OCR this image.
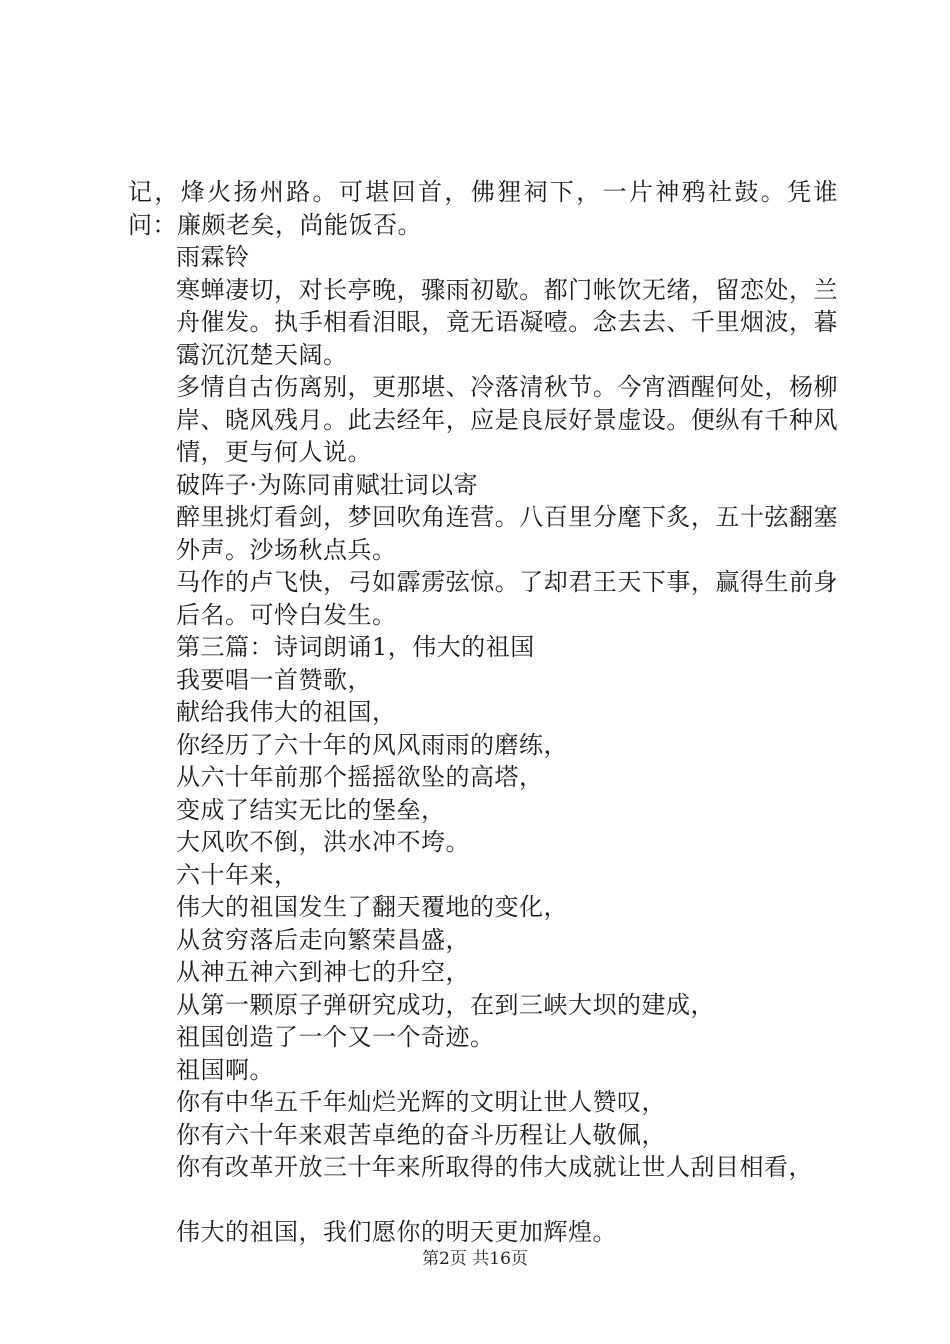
记，烽火扬州路。可堪回首，佛狸祠下，一片神鸦社鼓。凭谁问：廉颇老矣，尚能饭否。

雨霖铃

寒蝉凄切，对长亭晚，骤雨初歇。都门帐饮无绪，留恋处，兰舟催发。执手相看泪眼，竟无语凝噎。念去去、千里烟波，暮霭沉沉楚天阔。

多情自古伤离别，更那堪、冷落清秋节。今宵酒醒何处，杨柳岸、晓风残月。此去经年，应是良辰好景虚设。便纵有千种风情，更与何人说。

破阵子·为陈同甫赋壮词以寄

醉里挑灯看剑，梦回吹角连营。八百里分麾下炙，五十弦翻塞外声。沙场秋点兵。

马作的卢飞快，弓如霹雳弦惊。了却君王天下事，赢得生前身后名。可怜白发生。

第三篇：诗词朗诵1，伟大的祖国

我要唱一首赞歌，

献给我伟大的祖国，

你经历了六十年的风风雨雨的磨练，

从六十年前那个摇摇欲坠的高塔，

变成了结实无比的堡垒，

大风吹不倒，洪水冲不垮。

六十年来，

伟大的祖国发生了翻天覆地的变化，

从贫穷落后走向繁荣昌盛，

从神五神六到神七的升空，

从第一颗原子弹研究成功，在到三峡大坝的建成，

祖国创造了一个又一个奇迹。

祖国啊。

你有中华五千年灿烂光辉的文明让世人赞叹，

你有六十年来艰苦卓绝的奋斗历程让人敬佩，

你有改革开放三十年来所取得的伟大成就让世人刮目相看，

伟大的祖国，我们愿你的明天更加辉煌。

第2页 共16页
